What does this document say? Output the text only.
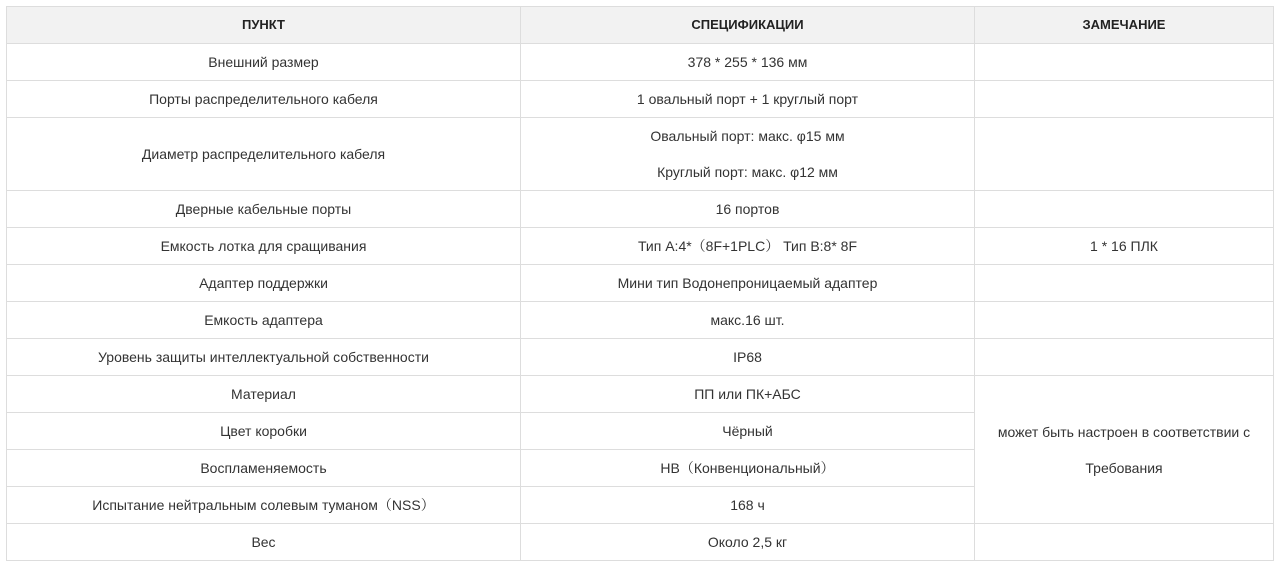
ПУНКТ	СПЕЦИФИКАЦИИ	ЗАМЕЧАНИЕ
Внешний размер	378 * 255 * 136 мм	
Порты распределительного кабеля	1 овальный порт + 1 круглый порт	
Диаметр распределительного кабеля	Овальный порт: макс. φ15 мм
Круглый порт: макс. φ12 мм	

Дверные кабельные порты	16 портов	
Емкость лотка для сращивания	Тип A:4*（8F+1PLC） Тип B:8* 8F	1 * 16 ПЛК
Адаптер поддержки	Мини тип Водонепроницаемый адаптер	
Емкость адаптера	макс.16 шт.	
Уровень защиты интеллектуальной собственности	IP68	
Материал	ПП или ПК+АБС	может быть настроен в соответствии с
Требования

Цвет коробки	Чёрный	
Воспламеняемость	HB（Конвенциональный）	
Испытание нейтральным солевым туманом（NSS）	168 ч	
Вес	Около 2,5 кг	
